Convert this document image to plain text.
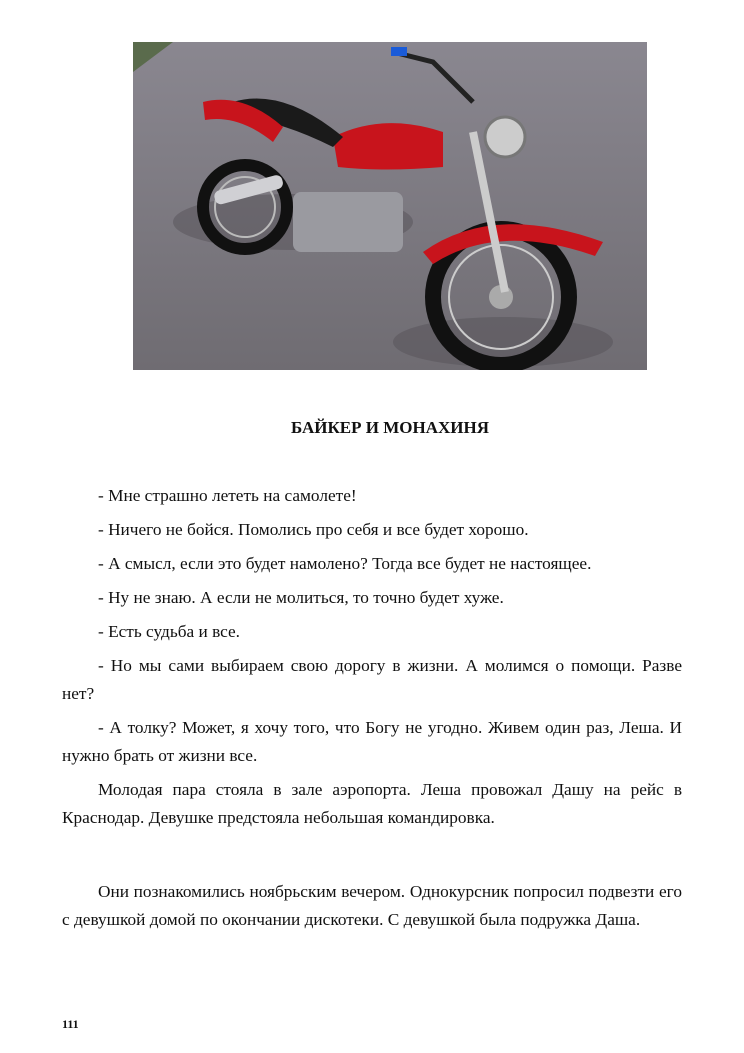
БАЙКЕР И МОНАХИНЯ

- Мне страшно лететь на самолете!

- Ничего не бойся. Помолись про себя и все будет хорошо.

- А смысл, если это будет намолено? Тогда все будет не настоящее.

- Ну не знаю. А если не молиться, то точно будет хуже.

- Есть судьба и все.

- Но мы сами выбираем свою дорогу в жизни. А молимся о помощи. Разве нет?

- А толку? Может, я хочу того, что Богу не угодно. Живем один раз, Леша. И нужно брать от жизни все.

Молодая пара стояла в зале аэропорта. Леша провожал Дашу на рейс в Краснодар. Девушке предстояла небольшая командировка.

Они познакомились ноябрьским вечером. Однокурсник попросил подвезти его с девушкой домой по окончании дискотеки. С девушкой была подружка Даша.

111
